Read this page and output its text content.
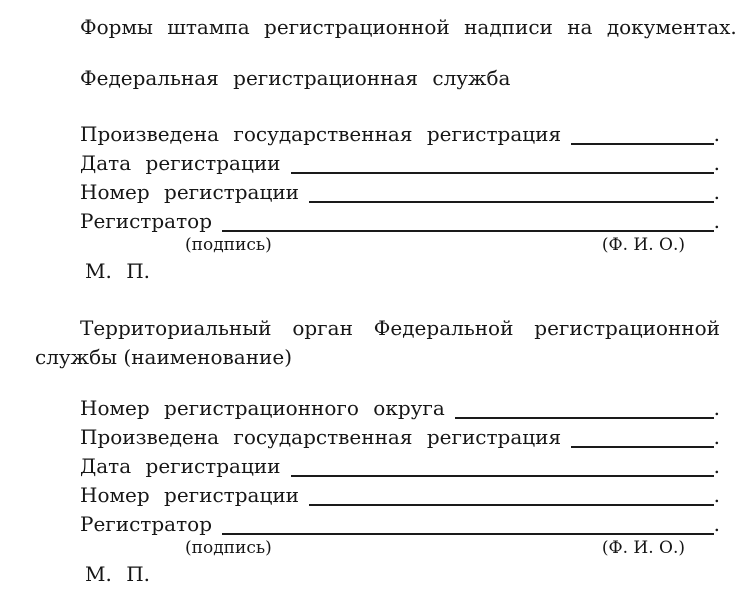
Формы штампа регистрационной надписи на документах.

Федеральная регистрационная служба

Произведена государственная регистрация	.
Дата регистрации	.
Номер регистрации	.
Регистратор	.
(подпись)	(Ф. И. О.)

М. П.

Территориальный орган Федеральной регистрационной
службы (наименование)
Номер регистрационного округа	.
Произведена государственная регистрация	.
Дата регистрации	.
Номер регистрации	.
Регистратор	.
(подпись)	(Ф. И. О.)

М. П.
